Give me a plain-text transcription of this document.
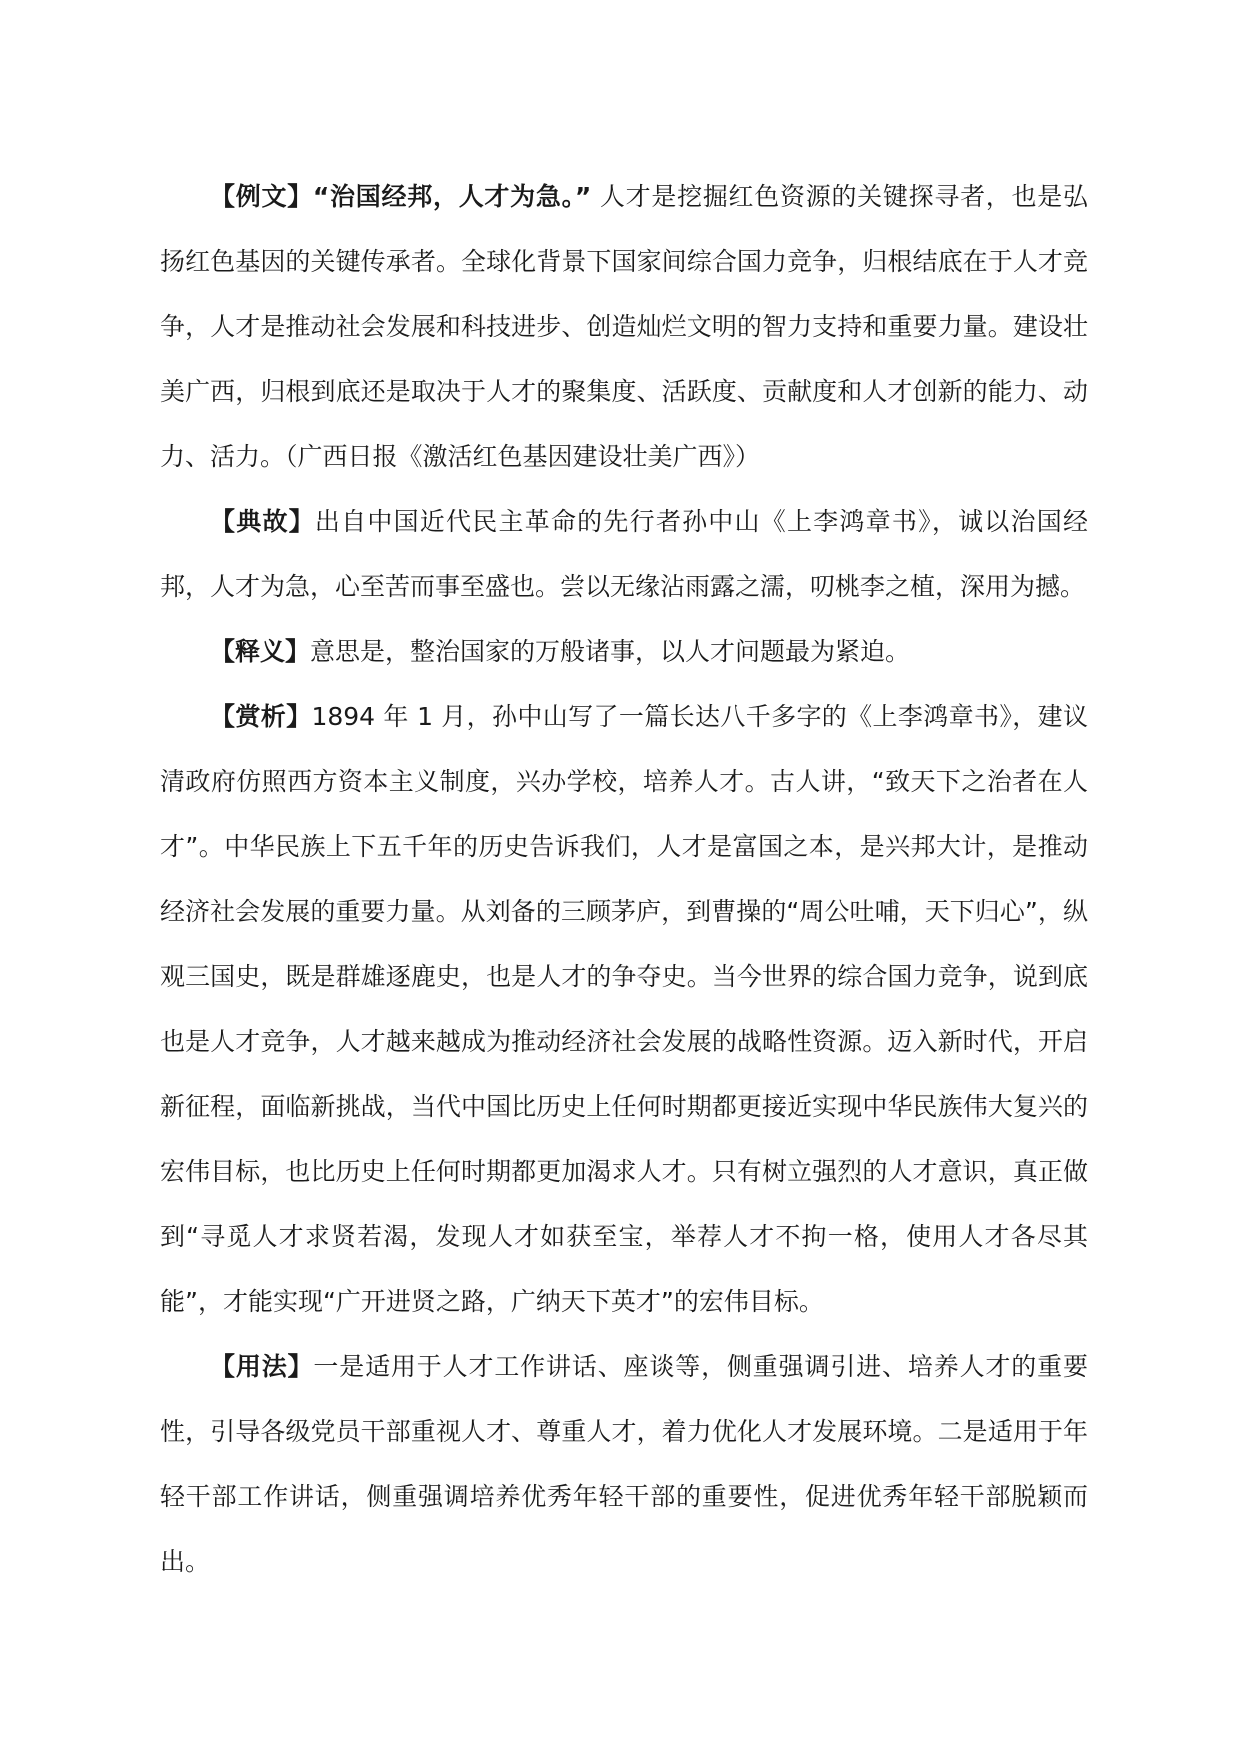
【例文】“治国经邦，人才为急。” 人才是挖掘红色资源的关键探寻者，也是弘扬红色基因的关键传承者。全球化背景下国家间综合国力竞争，归根结底在于人才竞争，人才是推动社会发展和科技进步、创造灿烂文明的智力支持和重要力量。建设壮美广西，归根到底还是取决于人才的聚集度、活跃度、贡献度和人才创新的能力、动力、活力。（广西日报《激活红色基因建设壮美广西》）

【典故】出自中国近代民主革命的先行者孙中山《上李鸿章书》，诚以治国经邦，人才为急，心至苦而事至盛也。尝以无缘沾雨露之濡，叨桃李之植，深用为撼。

【释义】意思是，整治国家的万般诸事，以人才问题最为紧迫。

【赏析】1894 年 1 月，孙中山写了一篇长达八千多字的《上李鸿章书》，建议清政府仿照西方资本主义制度，兴办学校，培养人才。古人讲，“致天下之治者在人才”。中华民族上下五千年的历史告诉我们，人才是富国之本，是兴邦大计，是推动经济社会发展的重要力量。从刘备的三顾茅庐，到曹操的“周公吐哺，天下归心”，纵观三国史，既是群雄逐鹿史，也是人才的争夺史。当今世界的综合国力竞争，说到底也是人才竞争，人才越来越成为推动经济社会发展的战略性资源。迈入新时代，开启新征程，面临新挑战，当代中国比历史上任何时期都更接近实现中华民族伟大复兴的宏伟目标，也比历史上任何时期都更加渴求人才。只有树立强烈的人才意识，真正做到“寻觅人才求贤若渴，发现人才如获至宝，举荐人才不拘一格，使用人才各尽其能”，才能实现“广开进贤之路，广纳天下英才”的宏伟目标。

【用法】一是适用于人才工作讲话、座谈等，侧重强调引进、培养人才的重要性，引导各级党员干部重视人才、尊重人才，着力优化人才发展环境。二是适用于年轻干部工作讲话，侧重强调培养优秀年轻干部的重要性，促进优秀年轻干部脱颖而出。
